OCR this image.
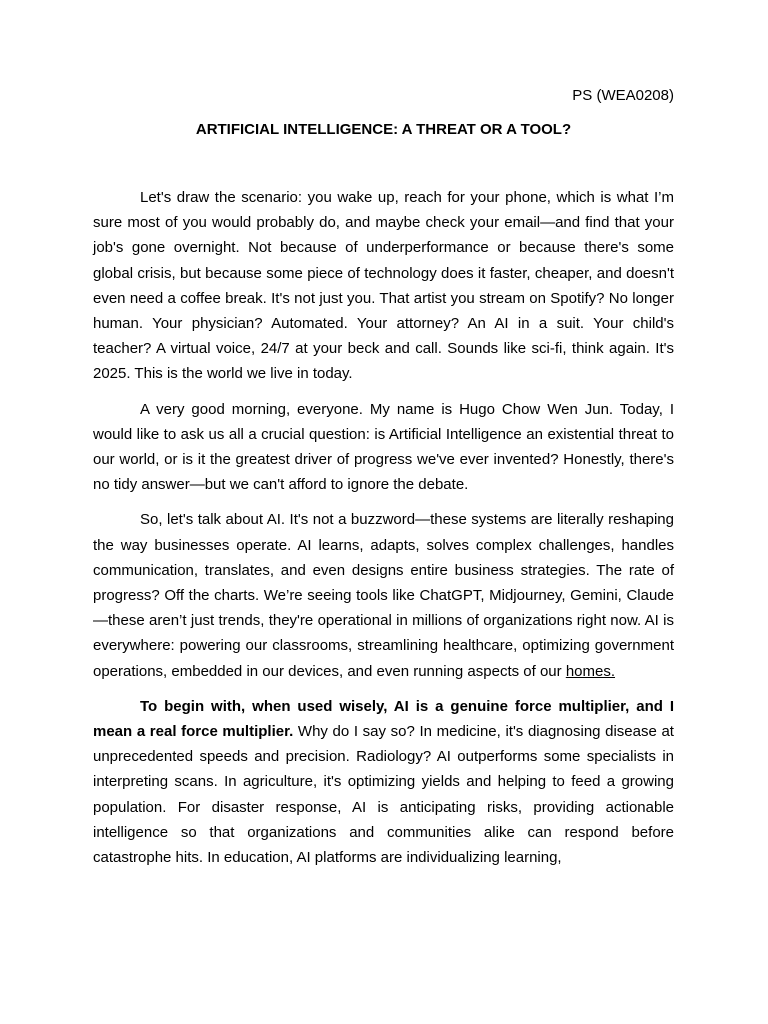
PS (WEA0208)
ARTIFICIAL INTELLIGENCE: A THREAT OR A TOOL?

Let's draw the scenario: you wake up, reach for your phone, which is what I’m sure most of you would probably do, and maybe check your email—and find that your job's gone overnight. Not because of underperformance or because there's some global crisis, but because some piece of technology does it faster, cheaper, and doesn't even need a coffee break. It's not just you. That artist you stream on Spotify? No longer human. Your physician? Automated. Your attorney? An AI in a suit. Your child's teacher? A virtual voice, 24/7 at your beck and call. Sounds like sci-fi, think again. It's 2025. This is the world we live in today.

A very good morning, everyone. My name is Hugo Chow Wen Jun. Today, I would like to ask us all a crucial question: is Artificial Intelligence an existential threat to our world, or is it the greatest driver of progress we've ever invented? Honestly, there's no tidy answer—but we can't afford to ignore the debate.

So, let's talk about AI. It's not a buzzword—these systems are literally reshaping the way businesses operate. AI learns, adapts, solves complex challenges, handles communication, translates, and even designs entire business strategies. The rate of progress? Off the charts. We’re seeing tools like ChatGPT, Midjourney, Gemini, Claude—these aren’t just trends, they're operational in millions of organizations right now. AI is everywhere: powering our classrooms, streamlining healthcare, optimizing government operations, embedded in our devices, and even running aspects of our homes.

To begin with, when used wisely, AI is a genuine force multiplier, and I mean a real force multiplier. Why do I say so? In medicine, it's diagnosing disease at unprecedented speeds and precision. Radiology? AI outperforms some specialists in interpreting scans. In agriculture, it's optimizing yields and helping to feed a growing population. For disaster response, AI is anticipating risks, providing actionable intelligence so that organizations and communities alike can respond before catastrophe hits. In education, AI platforms are individualizing learning,
